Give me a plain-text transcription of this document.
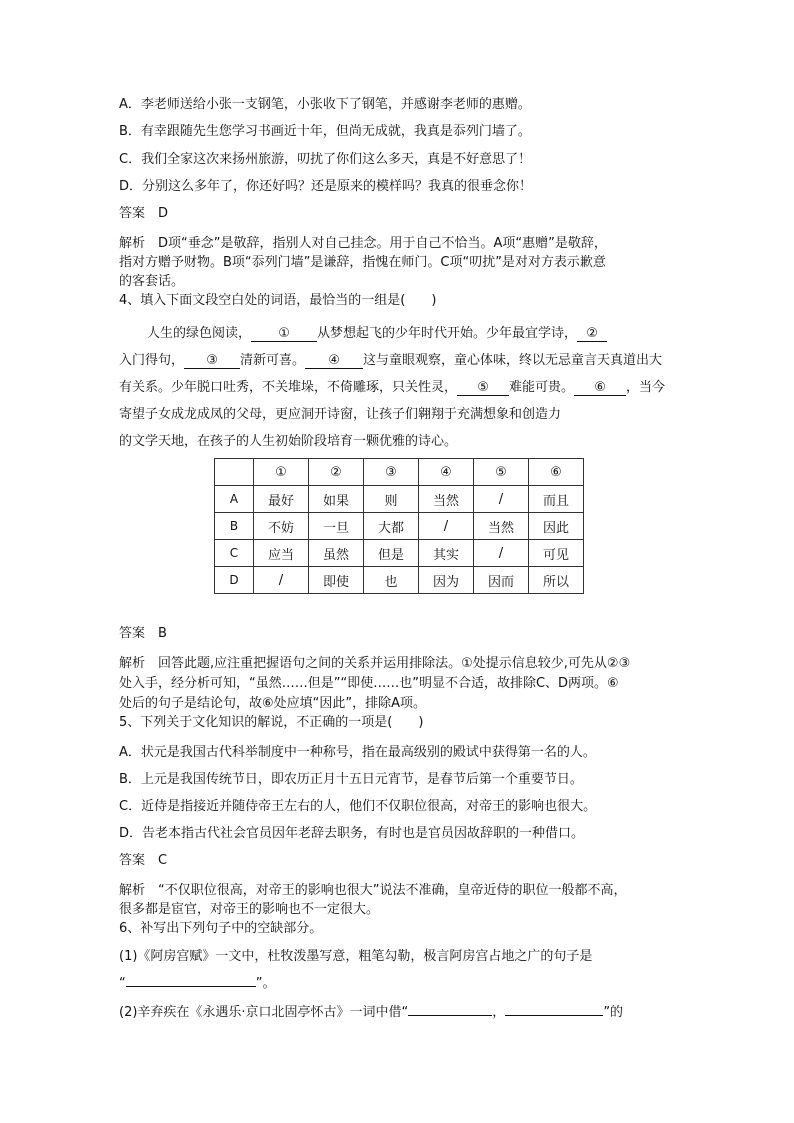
A．李老师送给小张一支钢笔，小张收下了钢笔，并感谢李老师的惠赠。
B．有幸跟随先生您学习书画近十年，但尚无成就，我真是忝列门墙了。
C．我们全家这次来扬州旅游，叨扰了你们这么多天，真是不好意思了！
D．分别这么多年了，你还好吗？还是原来的模样吗？我真的很垂念你！
答案　D
解析　D项“垂念”是敬辞，指别人对自己挂念。用于自己不恰当。A项“惠赠”是敬辞，
指对方赠予财物。B项“忝列门墙”是谦辞，指愧在师门。C项“叨扰”是对对方表示歉意
的客套话。
4、填入下面文段空白处的词语，最恰当的一组是(　　)
人生的绿色阅读， ① 从梦想起飞的少年时代开始。少年最宜学诗， ②
入门得句， ③ 清新可喜。 ④ 这与童眼观察，童心体味，终以无忌童言天真道出大
有关系。少年脱口吐秀，不关堆垛，不倚雕琢，只关性灵， ⑤ 难能可贵。 ⑥ ，当今
寄望子女成龙成凤的父母，更应洞开诗窗，让孩子们翱翔于充满想象和创造力
的文学天地，在孩子的人生初始阶段培育一颗优雅的诗心。
	①	②	③	④	⑤	⑥
A	最好	如果	则	当然	/	而且
B	不妨	一旦	大都	/	当然	因此
C	应当	虽然	但是	其实	/	可见
D	/	即使	也	因为	因而	所以
答案　B
解析　回答此题,应注重把握语句之间的关系并运用排除法。①处提示信息较少,可先从②③
处入手，经分析可知，“虽然……但是”“即使……也”明显不合适，故排除C、D两项。⑥
处后的句子是结论句，故⑥处应填“因此”，排除A项。
5、下列关于文化知识的解说，不正确的一项是(　　)
A．状元是我国古代科举制度中一种称号，指在最高级别的殿试中获得第一名的人。
B．上元是我国传统节日，即农历正月十五日元宵节，是春节后第一个重要节日。
C．近侍是指接近并随侍帝王左右的人，他们不仅职位很高，对帝王的影响也很大。
D．告老本指古代社会官员因年老辞去职务，有时也是官员因故辞职的一种借口。
答案　C
解析　“不仅职位很高，对帝王的影响也很大”说法不准确，皇帝近侍的职位一般都不高，
很多都是宦官，对帝王的影响也不一定很大。
6、补写出下列句子中的空缺部分。
(1)《阿房宫赋》一文中，杜牧泼墨写意，粗笔勾勒，极言阿房宫占地之广的句子是
“	”。
(2)辛弃疾在《永遇乐·京口北固亭怀古》一词中借“	，	”的
